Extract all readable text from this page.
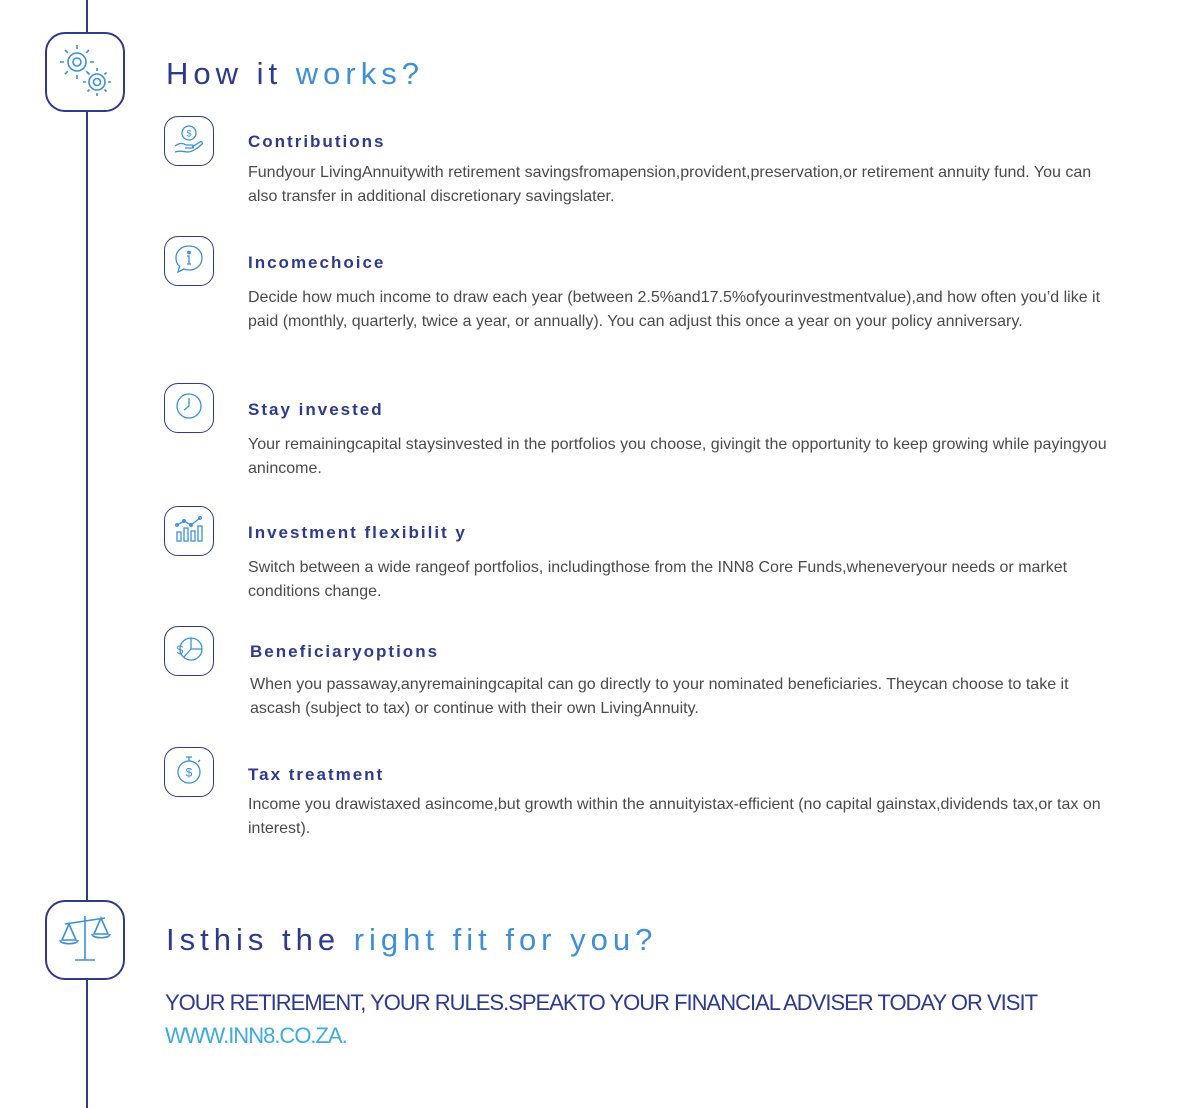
How it works?
$	Contributions

Fundyour LivingAnnuitywith retirement savingsfromapension,provident,preservation,or retirement annuity fund. You can also transfer in additional discretionary savingslater.

Incomechoice

Decide how much income to draw each year (between 2.5%and17.5%ofyourinvestmentvalue),and how often you’d like it paid (monthly, quarterly, twice a year, or annually). You can adjust this once a year on your policy anniversary.

Stay invested

Your remainingcapital staysinvested in the portfolios you choose, givingit the opportunity to keep growing while payingyou anincome.

Investment flexibilit y

Switch between a wide rangeof portfolios, includingthose from the INN8 Core Funds,wheneveryour needs or market conditions change.

$	Beneficiaryoptions

When you passaway,anyremainingcapital can go directly to your nominated beneficiaries. Theycan choose to take it ascash (subject to tax) or continue with their own LivingAnnuity.

$	Tax treatment

Income you drawistaxed asincome,but growth within the annuityistax-efficient (no capital gainstax,dividends tax,or tax on interest).

Isthis the right fit for you?

YOUR RETIREMENT, YOUR RULES.SPEAKTO YOUR FINANCIAL ADVISER TODAY OR VISIT

WWW.INN8.CO.ZA.
